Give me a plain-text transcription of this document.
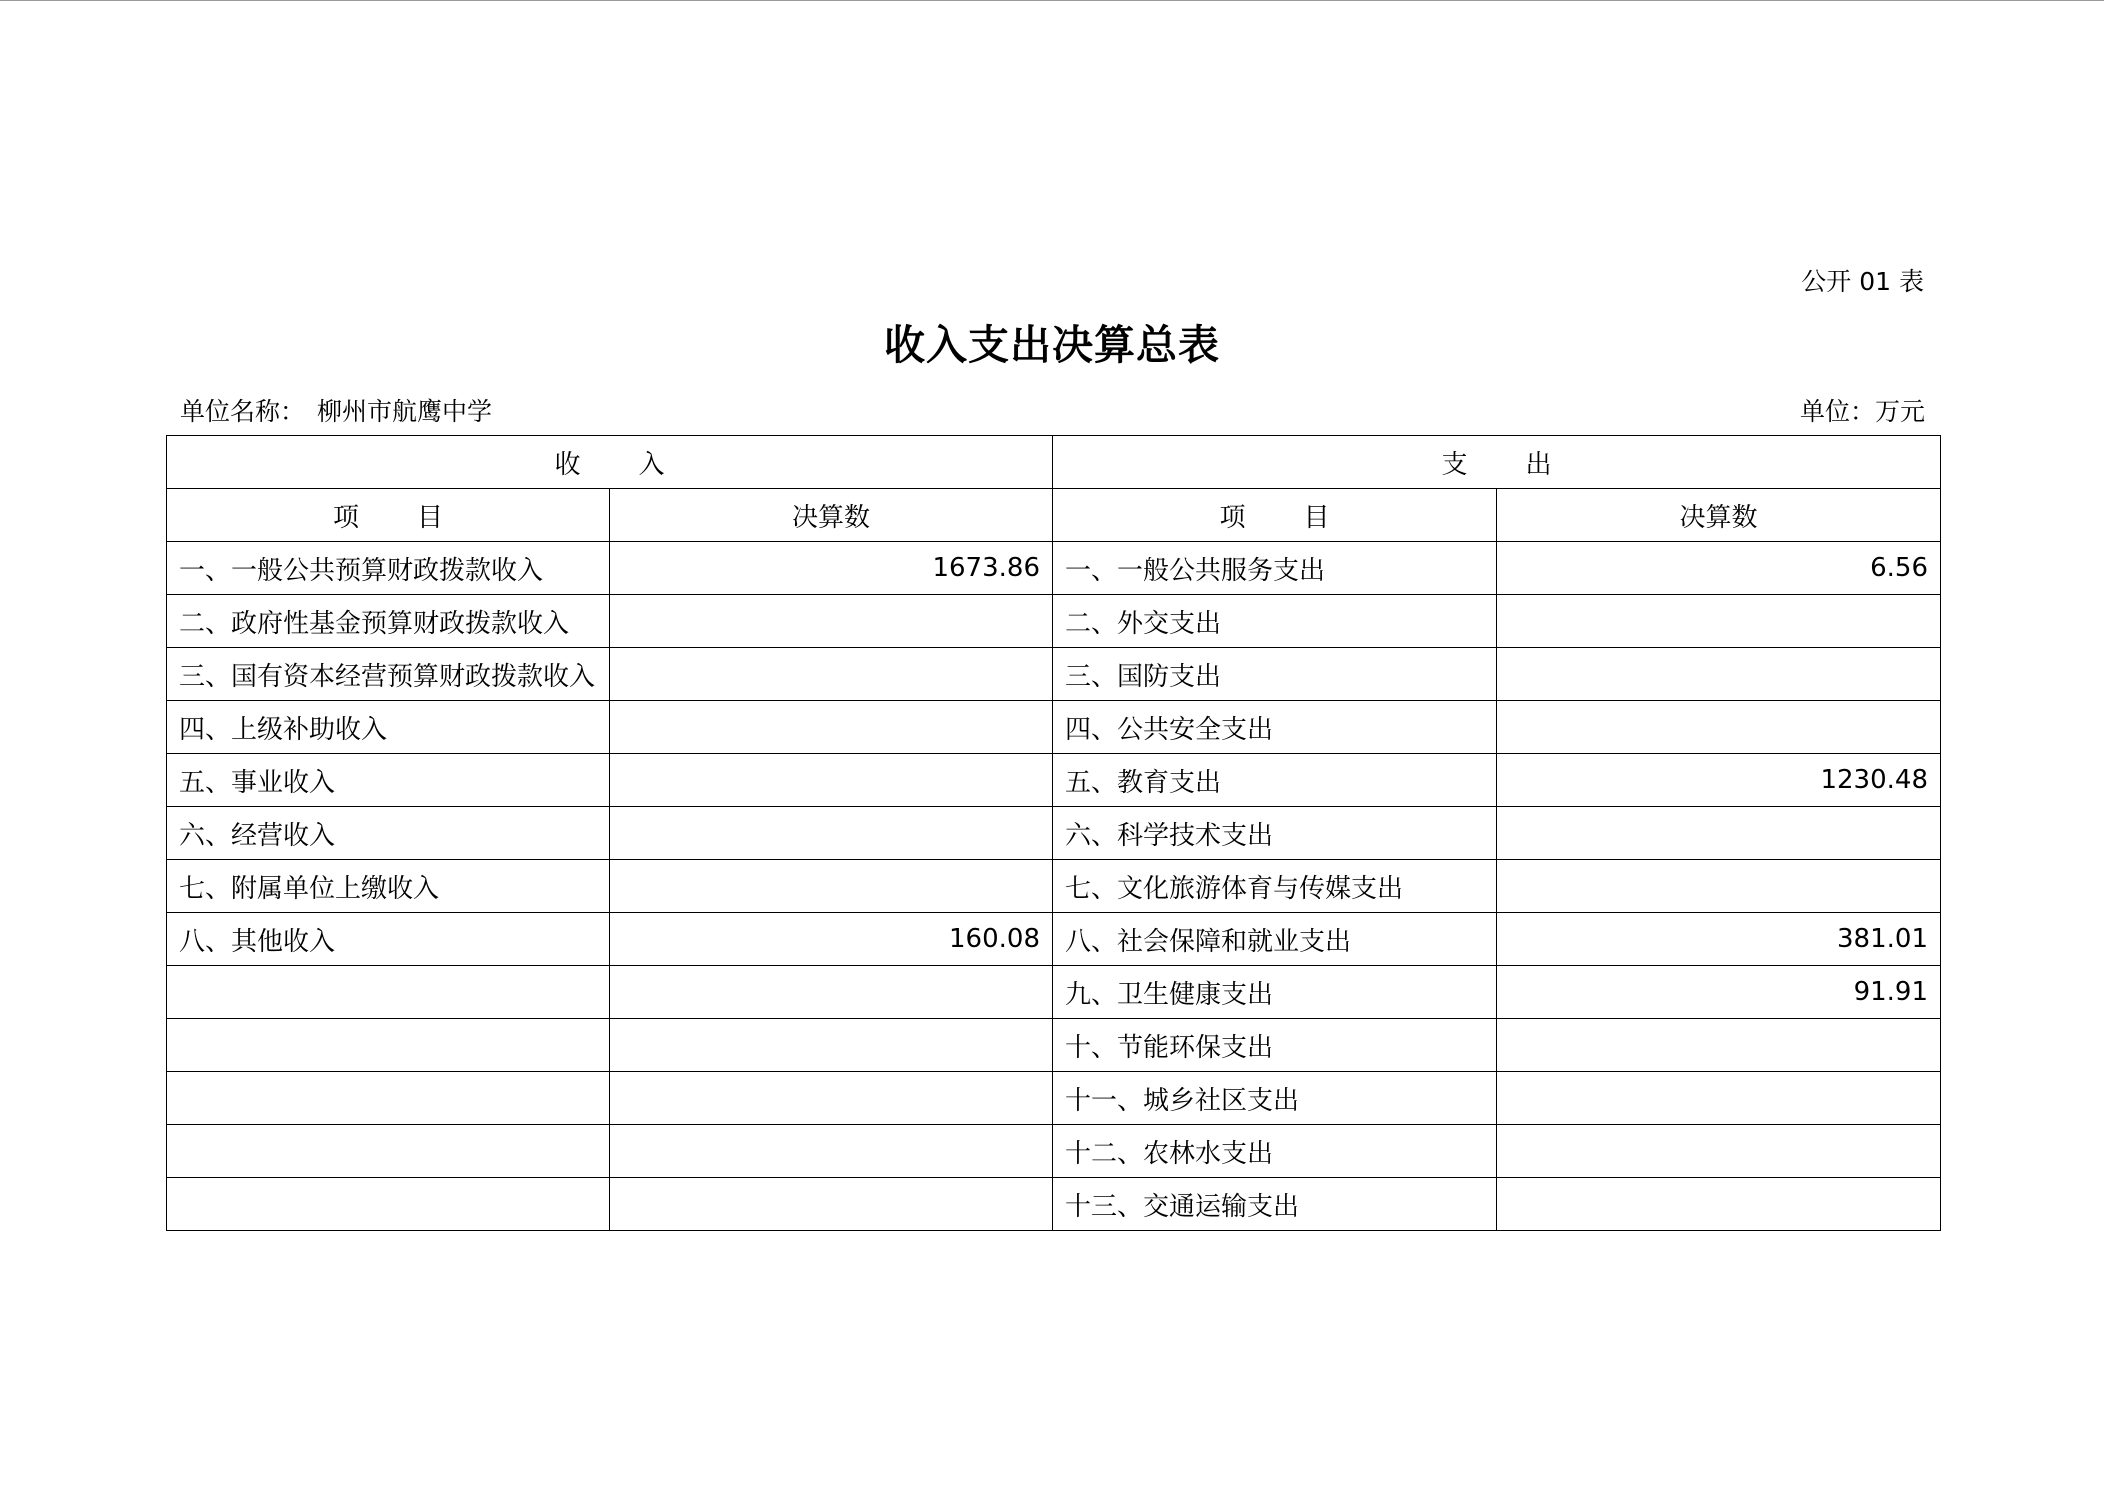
公开 01 表
收入支出决算总表
单位名称： 柳州市航鹰中学	单位：万元
收 入		支 出	
项 目	决算数	项 目	决算数
一、一般公共预算财政拨款收入	1673.86	一、一般公共服务支出	6.56
二、政府性基金预算财政拨款收入		二、外交支出	
三、国有资本经营预算财政拨款收入		三、国防支出	
四、上级补助收入		四、公共安全支出	
五、事业收入		五、教育支出	1230.48
六、经营收入		六、科学技术支出	
七、附属单位上缴收入		七、文化旅游体育与传媒支出	
八、其他收入	160.08	八、社会保障和就业支出	381.01
		九、卫生健康支出	91.91
		十、节能环保支出	
		十一、城乡社区支出	
		十二、农林水支出	
		十三、交通运输支出	
